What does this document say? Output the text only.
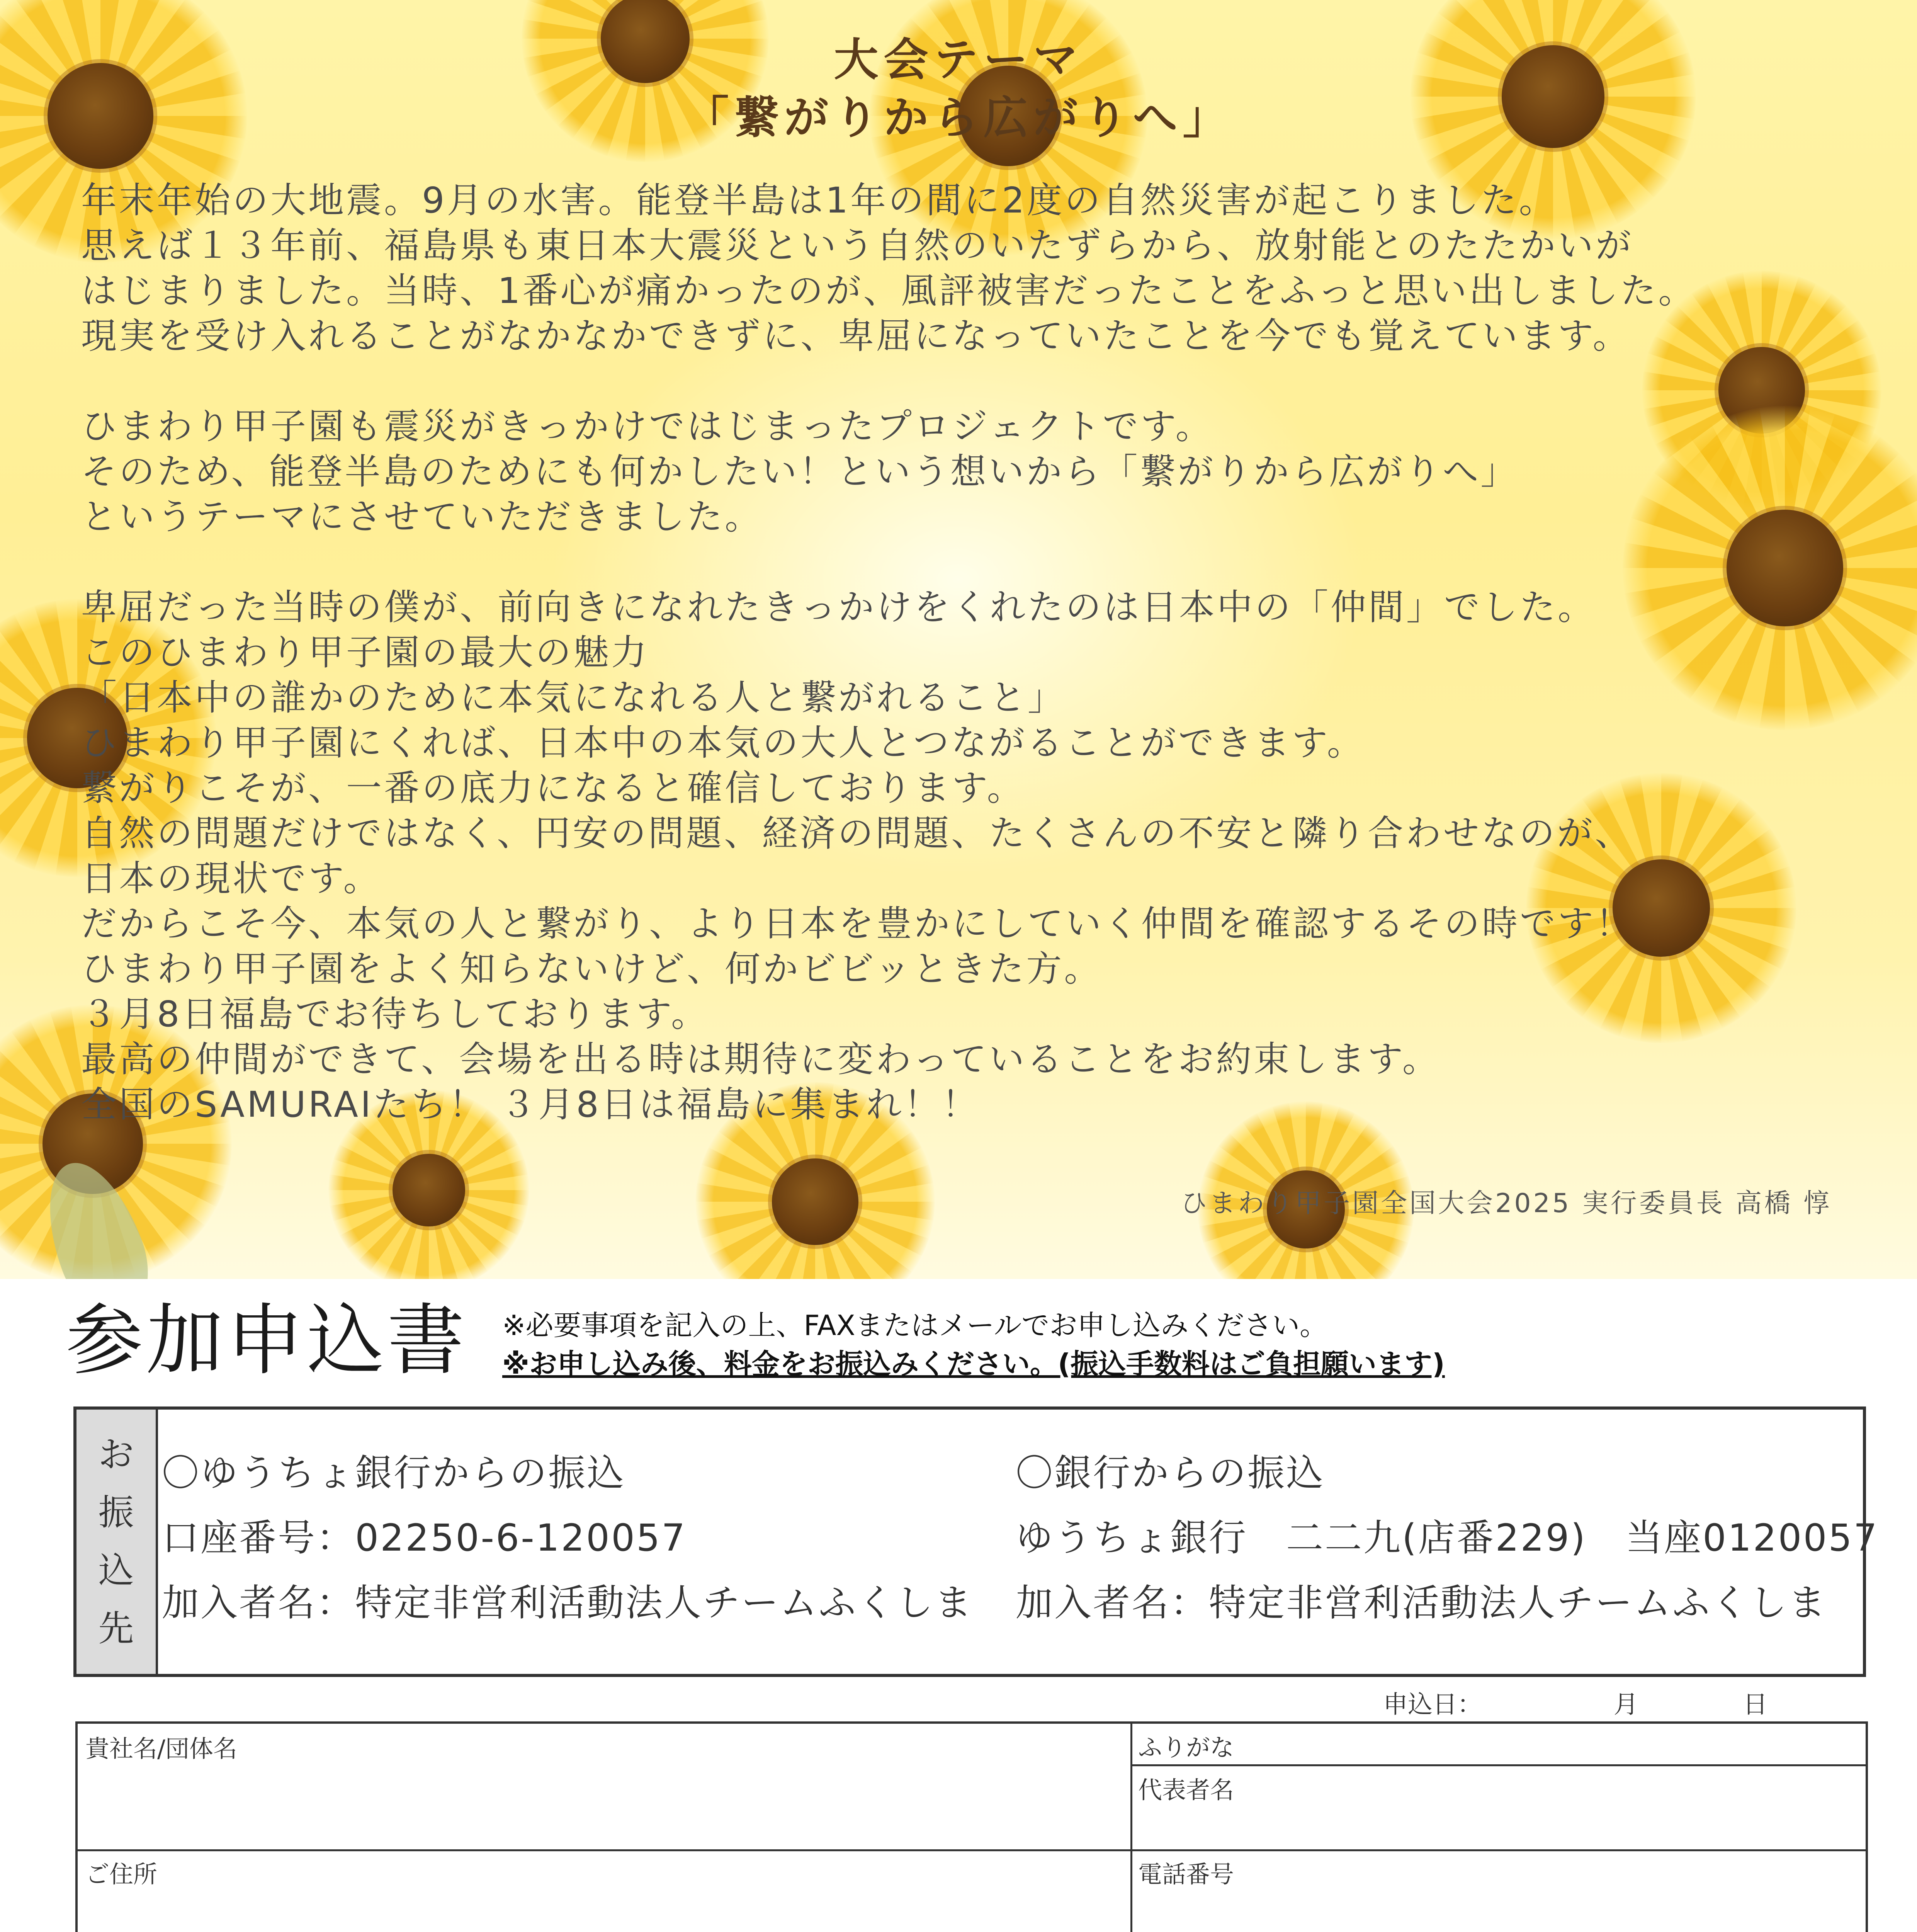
大会テーマ
「繋がりから広がりへ」
年末年始の大地震。9月の水害。能登半島は1年の間に2度の自然災害が起こりました。
思えば１３年前、福島県も東日本大震災という自然のいたずらから、放射能とのたたかいが
はじまりました。当時、1番心が痛かったのが、風評被害だったことをふっと思い出しました。
現実を受け入れることがなかなかできずに、卑屈になっていたことを今でも覚えています。
ひまわり甲子園も震災がきっかけではじまったプロジェクトです。
そのため、能登半島のためにも何かしたい！という想いから「繋がりから広がりへ」
というテーマにさせていただきました。
卑屈だった当時の僕が、前向きになれたきっかけをくれたのは日本中の「仲間」でした。
このひまわり甲子園の最大の魅力
「日本中の誰かのために本気になれる人と繋がれること」
ひまわり甲子園にくれば、日本中の本気の大人とつながることができます。
繋がりこそが、一番の底力になると確信しております。
自然の問題だけではなく、円安の問題、経済の問題、たくさんの不安と隣り合わせなのが、
日本の現状です。
だからこそ今、本気の人と繋がり、より日本を豊かにしていく仲間を確認するその時です！
ひまわり甲子園をよく知らないけど、何かビビッときた方。
３月8日福島でお待ちしております。
最高の仲間ができて、会場を出る時は期待に変わっていることをお約束します。
全国のSAMURAIたち！ ３月8日は福島に集まれ！！
ひまわり甲子園全国大会2025 実行委員長 高橋 惇
参加申込書 ※必要事項を記入の上、FAXまたはメールでお申し込みください。
※お申し込み後、料金をお振込みください。(振込手数料はご負担願います)
お
振
込
先
〇ゆうちょ銀行からの振込
口座番号：02250-6-120057
加入者名：特定非営利活動法人チームふくしま
〇銀行からの振込
ゆうちょ銀行　二二九(店番229)　当座0120057
加入者名：特定非営利活動法人チームふくしま
申込日：	月	日
貴社名/団体名	ふりがな
代表者名
ご住所	電話番号
